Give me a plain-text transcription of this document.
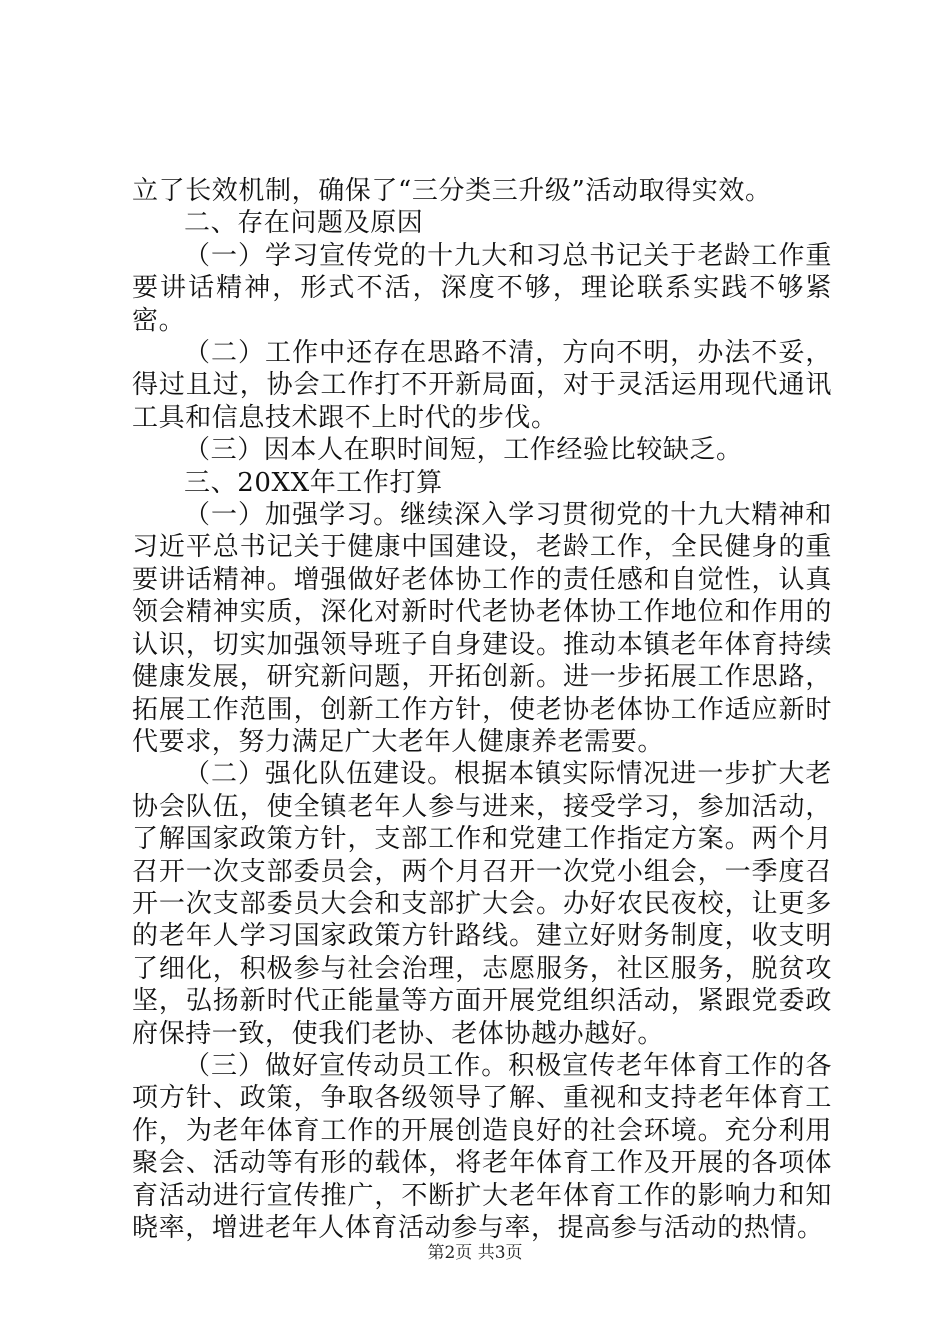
立了长效机制，确保了“三分类三升级”活动取得实效。

二、存在问题及原因

（一）学习宣传党的十九大和习总书记关于老龄工作重要讲话精神，形式不活，深度不够，理论联系实践不够紧密。

（二）工作中还存在思路不清，方向不明，办法不妥，得过且过，协会工作打不开新局面，对于灵活运用现代通讯工具和信息技术跟不上时代的步伐。

（三）因本人在职时间短，工作经验比较缺乏。

三、20XX年工作打算

（一）加强学习。继续深入学习贯彻党的十九大精神和习近平总书记关于健康中国建设，老龄工作，全民健身的重要讲话精神。增强做好老体协工作的责任感和自觉性，认真领会精神实质，深化对新时代老协老体协工作地位和作用的认识，切实加强领导班子自身建设。推动本镇老年体育持续健康发展，研究新问题，开拓创新。进一步拓展工作思路，拓展工作范围，创新工作方针，使老协老体协工作适应新时代要求，努力满足广大老年人健康养老需要。

（二）强化队伍建设。根据本镇实际情况进一步扩大老协会队伍，使全镇老年人参与进来，接受学习，参加活动，了解国家政策方针，支部工作和党建工作指定方案。两个月召开一次支部委员会，两个月召开一次党小组会，一季度召开一次支部委员大会和支部扩大会。办好农民夜校，让更多的老年人学习国家政策方针路线。建立好财务制度，收支明了细化，积极参与社会治理，志愿服务，社区服务，脱贫攻坚，弘扬新时代正能量等方面开展党组织活动，紧跟党委政府保持一致，使我们老协、老体协越办越好。

（三）做好宣传动员工作。积极宣传老年体育工作的各项方针、政策，争取各级领导了解、重视和支持老年体育工作，为老年体育工作的开展创造良好的社会环境。充分利用聚会、活动等有形的载体，将老年体育工作及开展的各项体育活动进行宣传推广，不断扩大老年体育工作的影响力和知晓率，增进老年人体育活动参与率，提高参与活动的热情。

第2页 共3页
